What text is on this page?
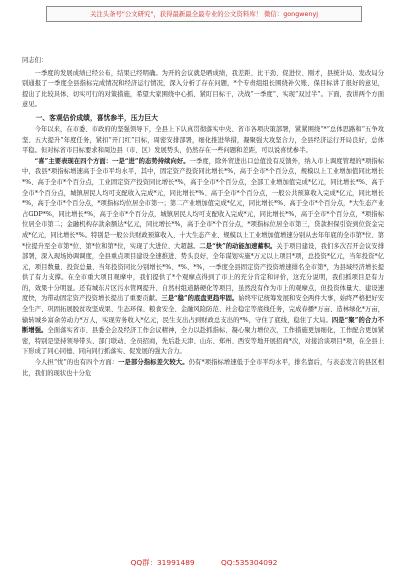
关注头条号"公文研究"，获得最新最全最专业的公文资料库！ 微信：gongwenyj
同志们：

一季度的发展成绩已经公布，结果已经明确。为开的会议就是晒成绩，我差距、比干劲、促进位、刚才，县统计局、发改局分别通报了一季度全县指标完成情况和经济运行情况，深入分析了存在问题，*个专责组组长围绕补欠账、保目标讲了很好的意见，提出了比较具体、切实可行的对策措施，希望大家围绕中心抓、紧盯目标干，决战“一季度”、实现“双过半”。下面，我讲两个方面意见。

一、客观估价成绩，喜忧参半，压力巨大

今年以来，在市委、市政府的坚强领导下，全县上下认真贯彻落实中央、省市各项决策部署，紧紧围绕“*”总体思路和“五争攻坚、五大提升”年度任务，紧扣“开门红”目标，周密安排部署，细化推进举措，凝聚强大攻坚合力，全县经济运行开局良好，总体平稳。但对标省市目标要求和周边县（市、区）发展势头，仍然存在一些问题和差距，可以说喜忧参半。

“喜”主要表现在四个方面：一是“进”的态势持续向好。一季度，除外贸进出口总值没有反馈外，纳入市上调度管理的*项指标中，我县*项指标增速高于全市平均水平，其中，固定资产投资同比增长*%，高于全市*个百分点，规模以上工业增加值同比增长*%、高于全市*个百分点，工业固定资产投资同比增长*%，高于全市*个百分点，全部工业增加值完成*亿元，同比增长*%、高于全市*个百分点，城镇居民人均可支配收入完成*元，同比增长*%、高于全市*个百分点，一般公共预算收入完成*亿元，同比增长*%，高于全市*个百分点，*项指标均位居全市第一；第二产业增加值完成*亿元，同比增长*%、高于全市*个百分点，*大生态产业占GDP*%，同比增长*%，高于全市*个百分点，城镇居民人均可支配收入完成*元，同比增长*%，高于全市*个百分点，*项指标位居全市第二；金融机构存款余额达*亿元，同比增长*%，高于全市*个百分点，*项指标位居全市第三，贷款担保引资到位资金完成*亿元，同比增长*%。特别是一般公共财政预算收入、十大生态产业、规模以上工业增加值增速分别从去年年底的全市第*位、第*位提升至全市第*位、第*位和第*位，实现了大进位、大超越。二是“快”的动能加速蓄积。关于项目建设，我们多次召开会议安排部署，深入现场协调调度，全县重点项目建设全速推进、势头良好，全年谋划实施*万元以上项目*项，总投资*亿元，当年投资*亿元，项目数量、投资总量、当年投资同比分别增长*%、*%、*%，一季度全县固定资产投资增速排名全市第*，为县域经济增长提供了有力支撑。在全市重大项目观摩中，我们提供了*个观摩点得到了市上的充分肯定和评价，这充分说明，我们抓项目是有力的，效果十分明显。还有城东片区污水管网提升、自然村组道路硬化等项目，虽然没有作为市上的观摩点，但投资体量大、建设速度快，为带动固定资产投资增长提出了重要贡献。三是“稳”的底盘更趋牢固。始终牢记统筹发展和安全两件大事，始终严格把好安全生产、巩固拓展脱贫攻坚成果、生态环保、粮食安全、金融风险防范、社会稳定等底线任务，完成春播*万亩、造林绿化*万亩，输转城乡富余劳动力*万人，实现劳务收入*亿元，民生支出占到财政总支出的*%，守住了底线，稳住了大局。四是“聚”的合力不断增强。全面落实省市、县委全会及经济工作会议精神，全力以赴抓指标、凝心聚力增位次，工作措施更加细化，工作配合更加紧密，特别是坚持领导带头、部门联动、全员招商，先后赴天津、山东、郑州、西安等地开展招商*次，对接洽谈项目*项，在全县上下形成了同心同德、同向同行抓落实、促发展的强大合力。

今人担“忧”的也有四个方面：一是部分指标差欠较大。仍有*项指标增速低于全市平均水平，排名靠后，与表态发言的县区相比，我们的现状也十分危

QQ群：31991489	QQ:535304092
